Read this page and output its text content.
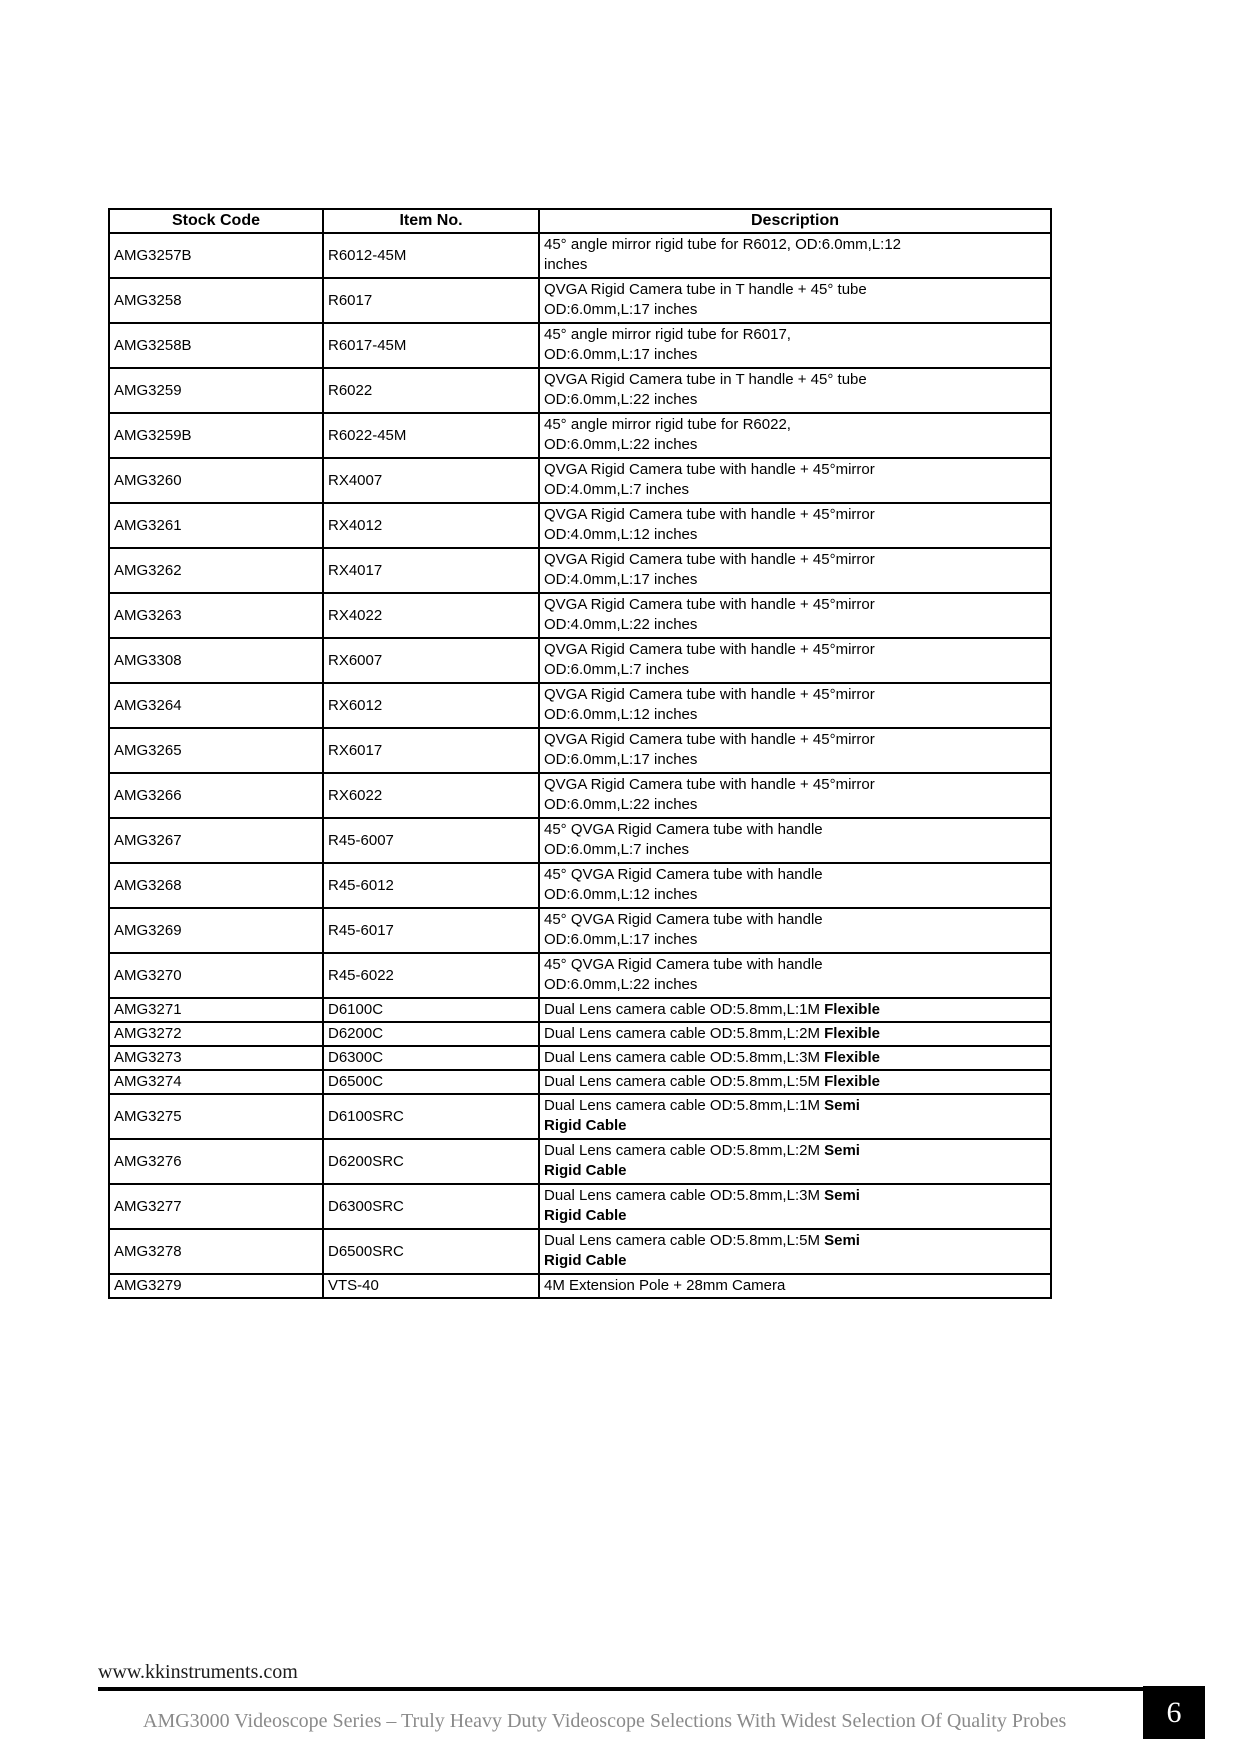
Stock Code	Item No.	Description
AMG3257B	R6012-45M	45° angle mirror rigid tube for R6012, OD:6.0mm,L:12
inches
AMG3258	R6017	QVGA Rigid Camera tube in T handle + 45° tube
OD:6.0mm,L:17 inches
AMG3258B	R6017-45M	45° angle mirror rigid tube for R6017,
OD:6.0mm,L:17 inches
AMG3259	R6022	QVGA Rigid Camera tube in T handle + 45° tube
OD:6.0mm,L:22 inches
AMG3259B	R6022-45M	45° angle mirror rigid tube for R6022,
OD:6.0mm,L:22 inches
AMG3260	RX4007	QVGA Rigid Camera tube with handle + 45°mirror
OD:4.0mm,L:7 inches
AMG3261	RX4012	QVGA Rigid Camera tube with handle + 45°mirror
OD:4.0mm,L:12 inches
AMG3262	RX4017	QVGA Rigid Camera tube with handle + 45°mirror
OD:4.0mm,L:17 inches
AMG3263	RX4022	QVGA Rigid Camera tube with handle + 45°mirror
OD:4.0mm,L:22 inches
AMG3308	RX6007	QVGA Rigid Camera tube with handle + 45°mirror
OD:6.0mm,L:7 inches
AMG3264	RX6012	QVGA Rigid Camera tube with handle + 45°mirror
OD:6.0mm,L:12 inches
AMG3265	RX6017	QVGA Rigid Camera tube with handle + 45°mirror
OD:6.0mm,L:17 inches
AMG3266	RX6022	QVGA Rigid Camera tube with handle + 45°mirror
OD:6.0mm,L:22 inches
AMG3267	R45-6007	45° QVGA Rigid Camera tube with handle
OD:6.0mm,L:7 inches
AMG3268	R45-6012	45° QVGA Rigid Camera tube with handle
OD:6.0mm,L:12 inches
AMG3269	R45-6017	45° QVGA Rigid Camera tube with handle
OD:6.0mm,L:17 inches
AMG3270	R45-6022	45° QVGA Rigid Camera tube with handle
OD:6.0mm,L:22 inches
AMG3271	D6100C	Dual Lens camera cable OD:5.8mm,L:1M Flexible
AMG3272	D6200C	Dual Lens camera cable OD:5.8mm,L:2M Flexible
AMG3273	D6300C	Dual Lens camera cable OD:5.8mm,L:3M Flexible
AMG3274	D6500C	Dual Lens camera cable OD:5.8mm,L:5M Flexible
AMG3275	D6100SRC	Dual Lens camera cable OD:5.8mm,L:1M Semi
Rigid Cable
AMG3276	D6200SRC	Dual Lens camera cable OD:5.8mm,L:2M Semi
Rigid Cable
AMG3277	D6300SRC	Dual Lens camera cable OD:5.8mm,L:3M Semi
Rigid Cable
AMG3278	D6500SRC	Dual Lens camera cable OD:5.8mm,L:5M Semi
Rigid Cable
AMG3279	VTS-40	4M Extension Pole + 28mm Camera
www.kkinstruments.com
AMG3000 Videoscope Series – Truly Heavy Duty Videoscope Selections With Widest Selection Of Quality Probes	6
